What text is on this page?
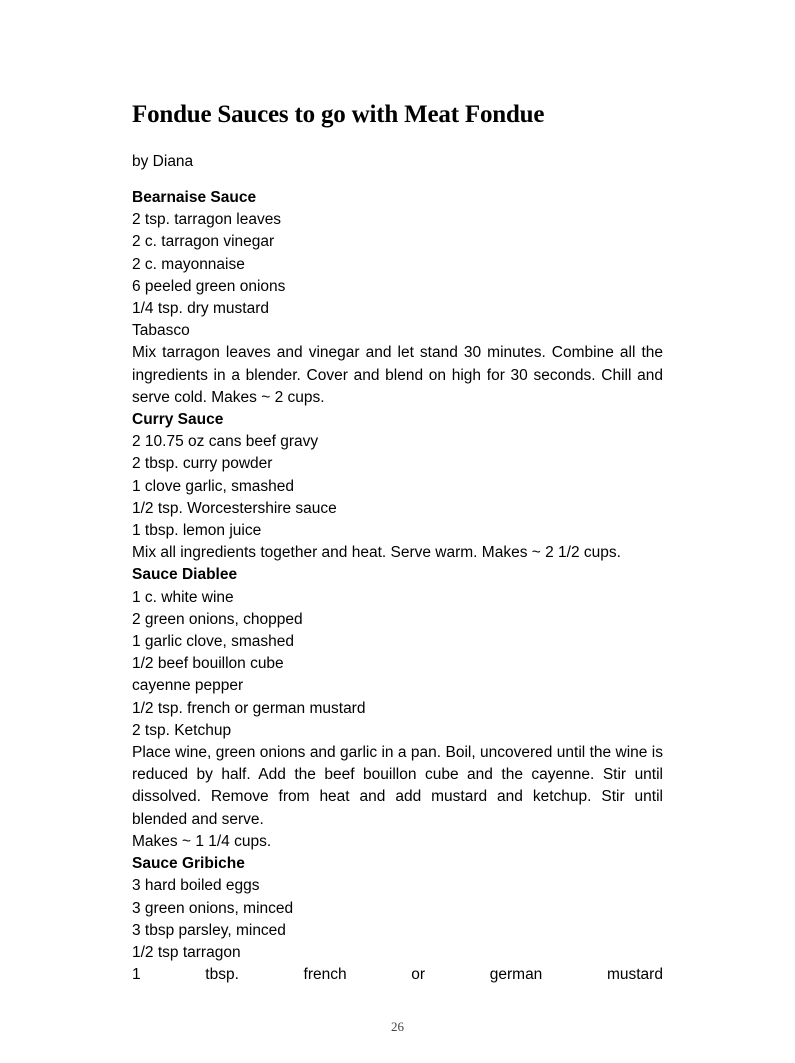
Fondue Sauces to go with Meat Fondue
by Diana
Bearnaise Sauce
2 tsp. tarragon leaves
2 c. tarragon vinegar
2 c. mayonnaise
6 peeled green onions
1/4 tsp. dry mustard
Tabasco
Mix tarragon leaves and vinegar and let stand 30 minutes. Combine all the ingredients in a blender. Cover and blend on high for 30 seconds. Chill and serve cold. Makes ~ 2 cups.
Curry Sauce
2 10.75 oz cans beef gravy
2 tbsp. curry powder
1 clove garlic, smashed
1/2 tsp. Worcestershire sauce
1 tbsp. lemon juice
Mix all ingredients together and heat. Serve warm. Makes ~ 2 1/2 cups.
Sauce Diablee
1 c. white wine
2 green onions, chopped
1 garlic clove, smashed
1/2 beef bouillon cube
cayenne pepper
1/2 tsp. french or german mustard
2 tsp. Ketchup
Place wine, green onions and garlic in a pan. Boil, uncovered until the wine is reduced by half. Add the beef bouillon cube and the cayenne. Stir until dissolved. Remove from heat and add mustard and ketchup. Stir until blended and serve.
Makes ~ 1 1/4 cups.
Sauce Gribiche
3 hard boiled eggs
3 green onions, minced
3 tbsp parsley, minced
1/2 tsp tarragon
1	tbsp.	french	or	german	mustard
26
